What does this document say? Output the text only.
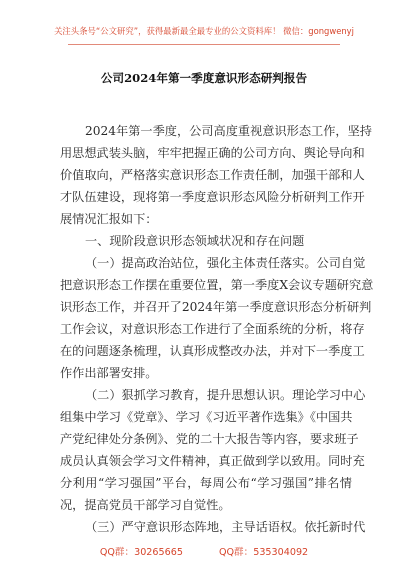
关注头条号“公文研究”，获得最新最全最专业的公文资料库！ 微信：gongwenyj
公司2024年第一季度意识形态研判报告
2024年第一季度，公司高度重视意识形态工作，坚持
用思想武装头脑，牢牢把握正确的公司方向、舆论导向和
价值取向，严格落实意识形态工作责任制，加强干部和人
才队伍建设，现将第一季度意识形态风险分析研判工作开
展情况汇报如下：
一、现阶段意识形态领域状况和存在问题
（一）提高政治站位，强化主体责任落实。公司自觉
把意识形态工作摆在重要位置，第一季度X会议专题研究意
识形态工作，并召开了2024年第一季度意识形态分析研判
工作会议，对意识形态工作进行了全面系统的分析，将存
在的问题逐条梳理，认真形成整改办法，并对下一季度工
作作出部署安排。
（二）狠抓学习教育，提升思想认识。理论学习中心
组集中学习《党章》、学习《习近平著作选集》《中国共
产党纪律处分条例》、党的二十大报告等内容，要求班子
成员认真领会学习文件精神，真正做到学以致用。同时充
分利用“学习强国”平台，每周公布“学习强国”排名情
况，提高党员干部学习自觉性。
（三）严守意识形态阵地，主导话语权。依托新时代
QQ群：30265665	QQ群：535304092
